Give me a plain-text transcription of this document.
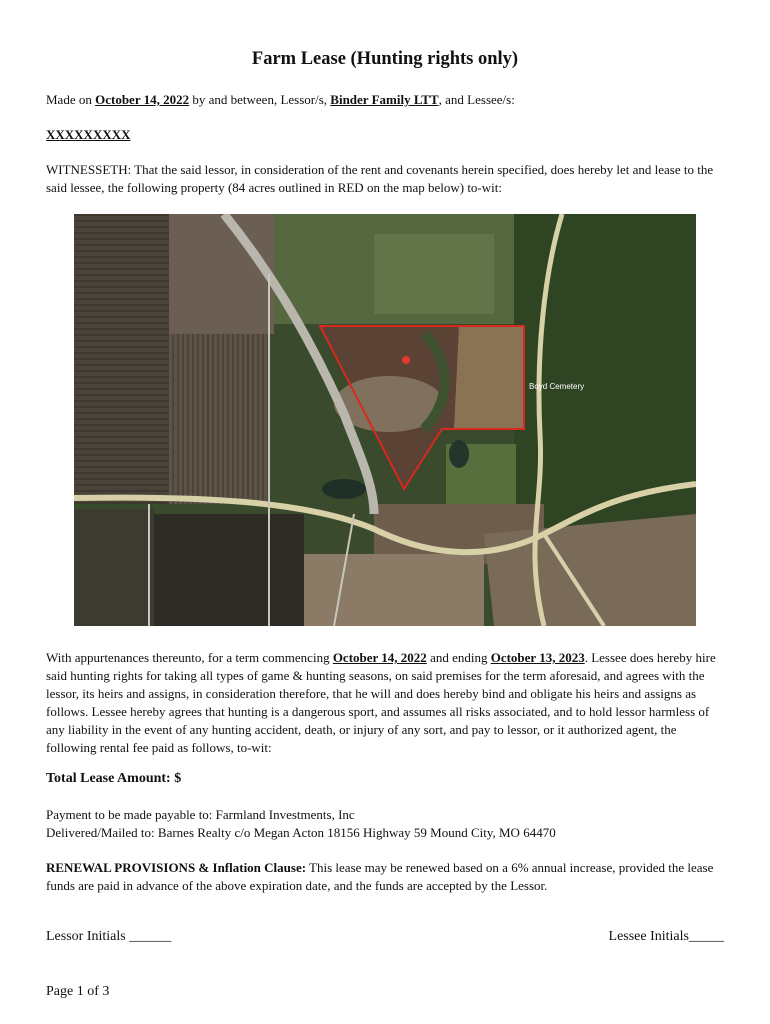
Farm Lease (Hunting rights only)
Made on October 14, 2022 by and between, Lessor/s, Binder Family LTT, and Lessee/s:
XXXXXXXXX
WITNESSETH: That the said lessor, in consideration of the rent and covenants herein specified, does hereby let and lease to the said lessee, the following property (84 acres outlined in RED on the map below) to-wit:
Boyd Cemetery
With appurtenances thereunto, for a term commencing October 14, 2022 and ending October 13, 2023. Lessee does hereby hire said hunting rights for taking all types of game & hunting seasons, on said premises for the term aforesaid, and agrees with the lessor, its heirs and assigns, in consideration therefore, that he will and does hereby bind and obligate his heirs and assigns as follows. Lessee hereby agrees that hunting is a dangerous sport, and assumes all risks associated, and to hold lessor harmless of any liability in the event of any hunting accident, death, or injury of any sort, and pay to lessor, or it authorized agent, the following rental fee paid as follows, to-wit:
Total Lease Amount: $
Payment to be made payable to: Farmland Investments, Inc
Delivered/Mailed to: Barnes Realty c/o Megan Acton 18156 Highway 59 Mound City, MO 64470
RENEWAL PROVISIONS & Inflation Clause: This lease may be renewed based on a 6% annual increase, provided the lease funds are paid in advance of the above expiration date, and the funds are accepted by the Lessor.
Lessor Initials ______	Lessee Initials_____
Page 1 of 3
